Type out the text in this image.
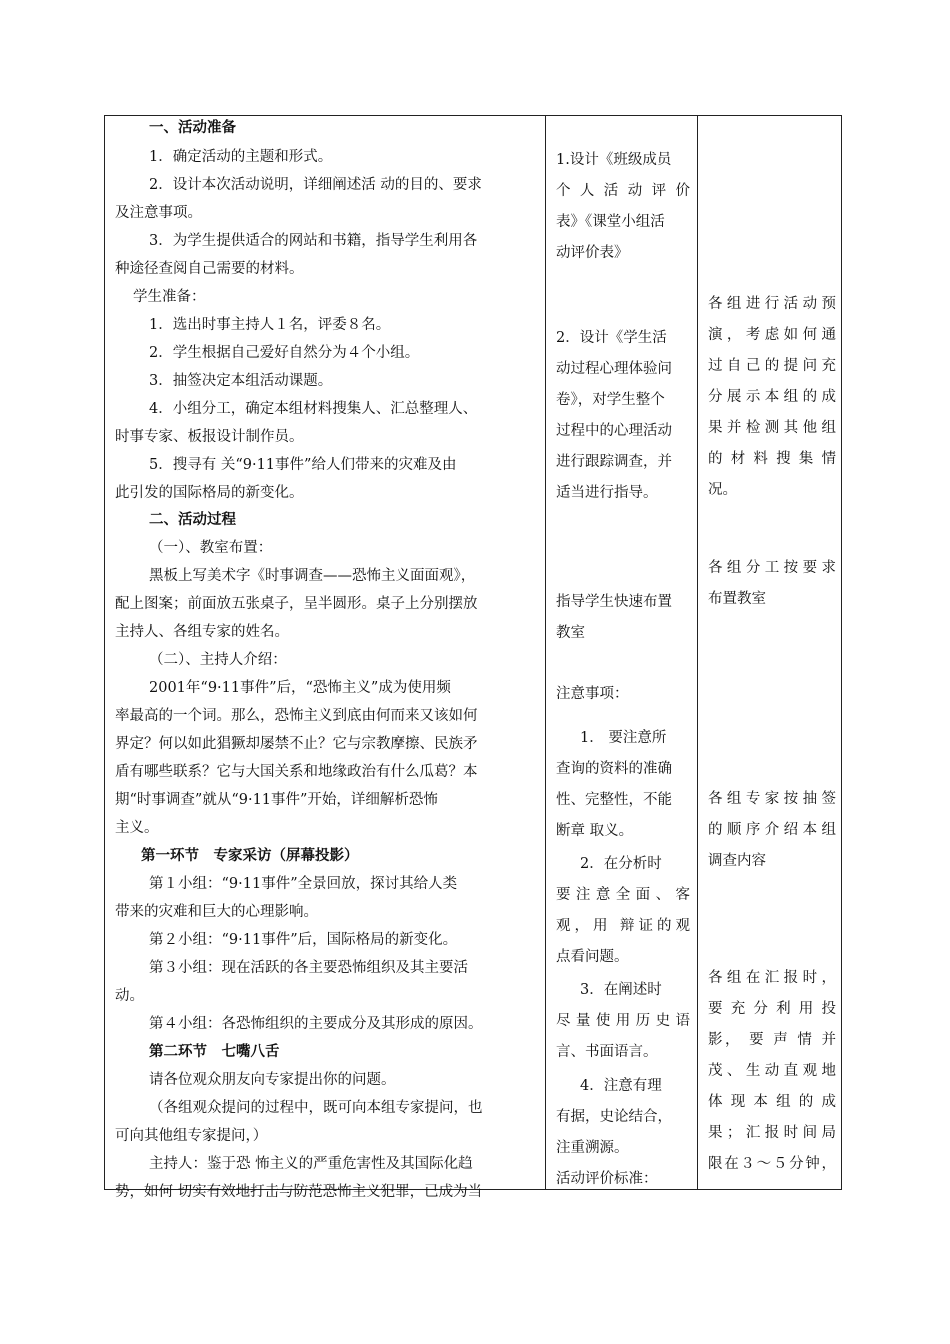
一、活动准备
1．确定活动的主题和形式。
2．设计本次活动说明，详细阐述活 动的目的、要求
及注意事项。
3．为学生提供适合的网站和书籍，指导学生利用各
种途径查阅自己需要的材料。
学生准备：
1．选出时事主持人１名，评委８名。
2．学生根据自己爱好自然分为４个小组。
3．抽签决定本组活动课题。
4．小组分工，确定本组材料搜集人、汇总整理人、
时事专家、板报设计制作员。
5．搜寻有 关“9·11事件”给人们带来的灾难及由
此引发的国际格局的新变化。
二、活动过程
（一）、教室布置：
黑板上写美术字《时事调查——恐怖主义面面观》，
配上图案；前面放五张桌子，呈半圆形。桌子上分别摆放
主持人、各组专家的姓名。
（二）、主持人介绍：
2001年“9·11事件”后，“恐怖主义”成为使用频
率最高的一个词。那么，恐怖主义到底由何而来又该如何
界定？何以如此猖獗却屡禁不止？它与宗教摩擦、民族矛
盾有哪些联系？它与大国关系和地缘政治有什么瓜葛？本
期“时事调查”就从“9·11事件”开始，详细解析恐怖
主义。
第一环节　专家采访（屏幕投影）
第１小组：“9·11事件”全景回放，探讨其给人类
带来的灾难和巨大的心理影响。
第２小组：“9·11事件”后，国际格局的新变化。
第３小组：现在活跃的各主要恐怖组织及其主要活
动。
第４小组：各恐怖组织的主要成分及其形成的原因。
第二环节　七嘴八舌
请各位观众朋友向专家提出你的问题。
（各组观众提问的过程中，既可向本组专家提问，也
可向其他组专家提问，）
主持人：鉴于恐 怖主义的严重危害性及其国际化趋
势，如何 切实有效地打击与防范恐怖主义犯罪，已成为当
1.设计《班级成员
个 人 活 动 评 价
表》《课堂小组活
动评价表》
2．设计《学生活
动过程心理体验问
卷》，对学生整个
过程中的心理活动
进行跟踪调查，并
适当进行指导。
指导学生快速布置
教室
注意事项：
1． 要注意所
查询的资料的准确
性、完整性，不能
断章 取义。
2．在分析时
要注意全面、客
观，用 辩证的观
点看问题。
3．在阐述时
尽量使用历史语
言、书面语言。
4．注意有理
有据，史论结合，
注重溯源。
活动评价标准：
各组进行活动预
演，考虑如何通
过自己的提问充
分展示本组的成
果并检测其他组
的 材 料 搜 集 情
况。
各组分工按要求
布置教室
各组专家按抽签
的顺序介绍本组
调查内容
各组在汇报时，
要 充 分 利 用 投
影， 要 声 情 并
茂、生动直观地
体 现 本 组 的 成
果；汇报时间局
限在３～５分钟，
